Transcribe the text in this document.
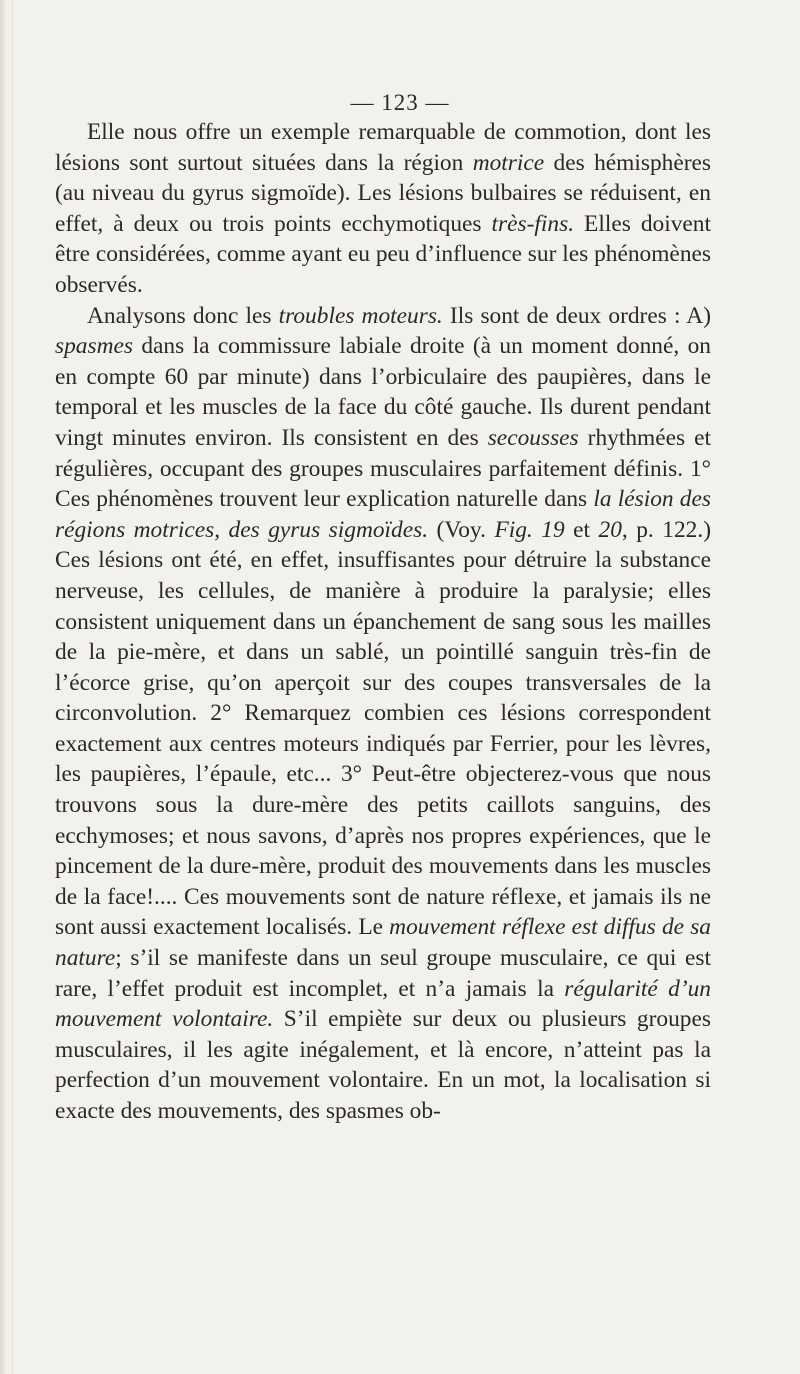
— 123 —

Elle nous offre un exemple remarquable de commotion, dont les lésions sont surtout situées dans la région motrice des hémisphères (au niveau du gyrus sigmoïde). Les lésions bulbaires se réduisent, en effet, à deux ou trois points ecchymotiques très-fins. Elles doivent être considérées, comme ayant eu peu d’influence sur les phénomènes observés.

Analysons donc les troubles moteurs. Ils sont de deux ordres : A) spasmes dans la commissure labiale droite (à un moment donné, on en compte 60 par minute) dans l’orbiculaire des paupières, dans le temporal et les muscles de la face du côté gauche. Ils durent pendant vingt minutes environ. Ils consistent en des secousses rhythmées et régulières, occupant des groupes musculaires parfaitement définis. 1° Ces phénomènes trouvent leur explication naturelle dans la lésion des régions motrices, des gyrus sigmoïdes. (Voy. Fig. 19 et 20, p. 122.) Ces lésions ont été, en effet, insuffisantes pour détruire la substance nerveuse, les cellules, de manière à produire la paralysie; elles consistent uniquement dans un épanchement de sang sous les mailles de la pie-mère, et dans un sablé, un pointillé sanguin très-fin de l’écorce grise, qu’on aperçoit sur des coupes transversales de la circonvolution. 2° Remarquez combien ces lésions correspondent exactement aux centres moteurs indiqués par Ferrier, pour les lèvres, les paupières, l’épaule, etc... 3° Peut-être objecterez-vous que nous trouvons sous la dure-mère des petits caillots sanguins, des ecchymoses; et nous savons, d’après nos propres expériences, que le pincement de la dure-mère, produit des mouvements dans les muscles de la face!.... Ces mouvements sont de nature réflexe, et jamais ils ne sont aussi exactement localisés. Le mouvement réflexe est diffus de sa nature; s’il se manifeste dans un seul groupe musculaire, ce qui est rare, l’effet produit est incomplet, et n’a jamais la régularité d’un mouvement volontaire. S’il empiète sur deux ou plusieurs groupes musculaires, il les agite inégalement, et là encore, n’atteint pas la perfection d’un mouvement volontaire. En un mot, la localisation si exacte des mouvements, des spasmes ob-
